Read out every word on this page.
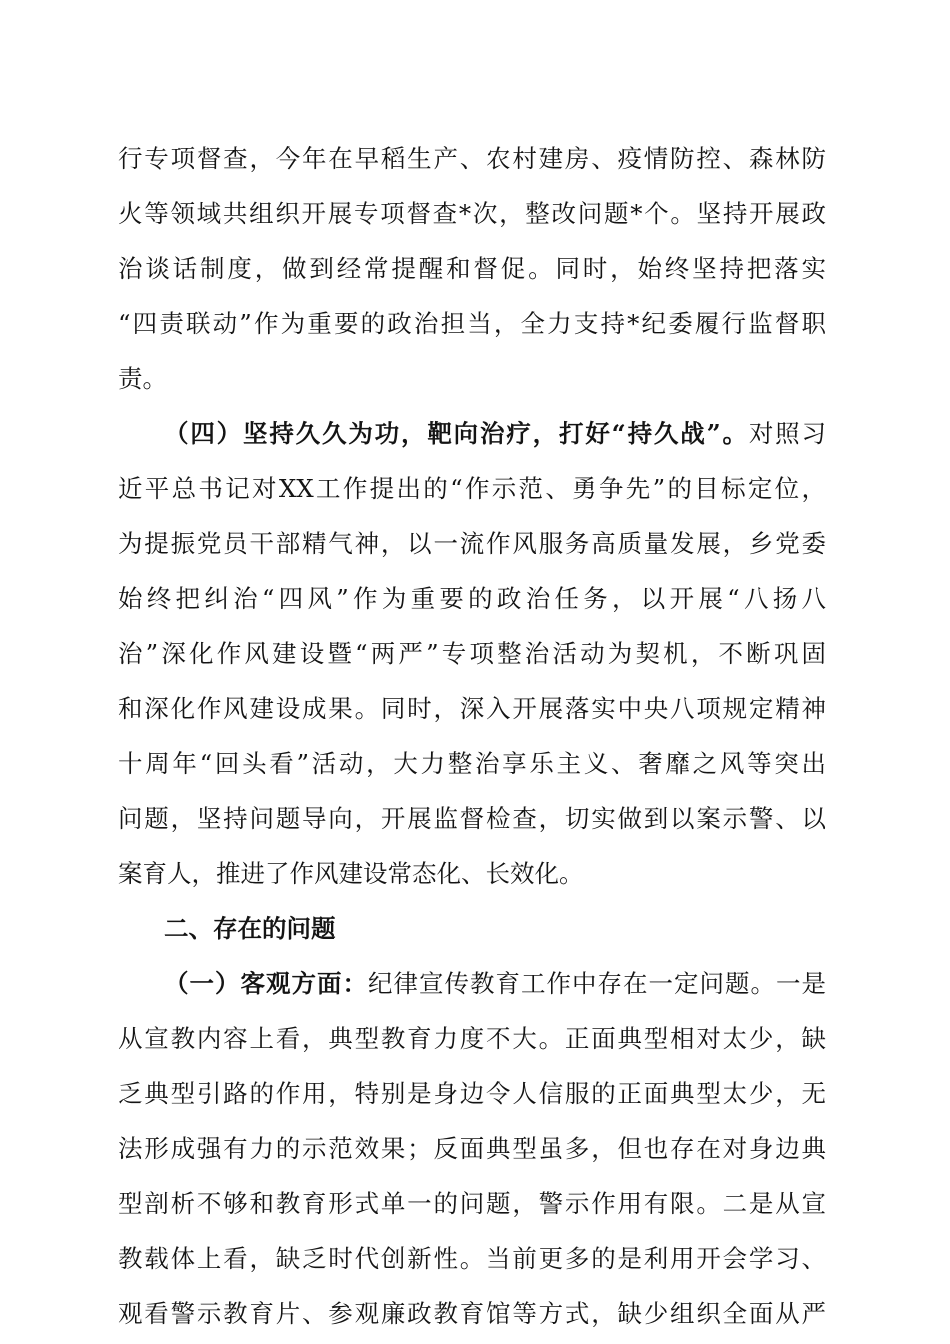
行专项督查，今年在早稻生产、农村建房、疫情防控、森林防
火等领域共组织开展专项督查*次，整改问题*个。坚持开展政
治谈话制度，做到经常提醒和督促。同时，始终坚持把落实
“四责联动”作为重要的政治担当，全力支持*纪委履行监督职
责。
（四）坚持久久为功，靶向治疗，打好“持久战”。对照习
近平总书记对XX工作提出的“作示范、勇争先”的目标定位，
为提振党员干部精气神，以一流作风服务高质量发展，乡党委
始终把纠治“四风”作为重要的政治任务，以开展“八扬八
治”深化作风建设暨“两严”专项整治活动为契机，不断巩固
和深化作风建设成果。同时，深入开展落实中央八项规定精神
十周年“回头看”活动，大力整治享乐主义、奢靡之风等突出
问题，坚持问题导向，开展监督检查，切实做到以案示警、以
案育人，推进了作风建设常态化、长效化。
二、存在的问题
（一）客观方面：纪律宣传教育工作中存在一定问题。一是
从宣教内容上看，典型教育力度不大。正面典型相对太少，缺
乏典型引路的作用，特别是身边令人信服的正面典型太少，无
法形成强有力的示范效果；反面典型虽多，但也存在对身边典
型剖析不够和教育形式单一的问题，警示作用有限。二是从宣
教载体上看，缺乏时代创新性。当前更多的是利用开会学习、
观看警示教育片、参观廉政教育馆等方式，缺少组织全面从严
